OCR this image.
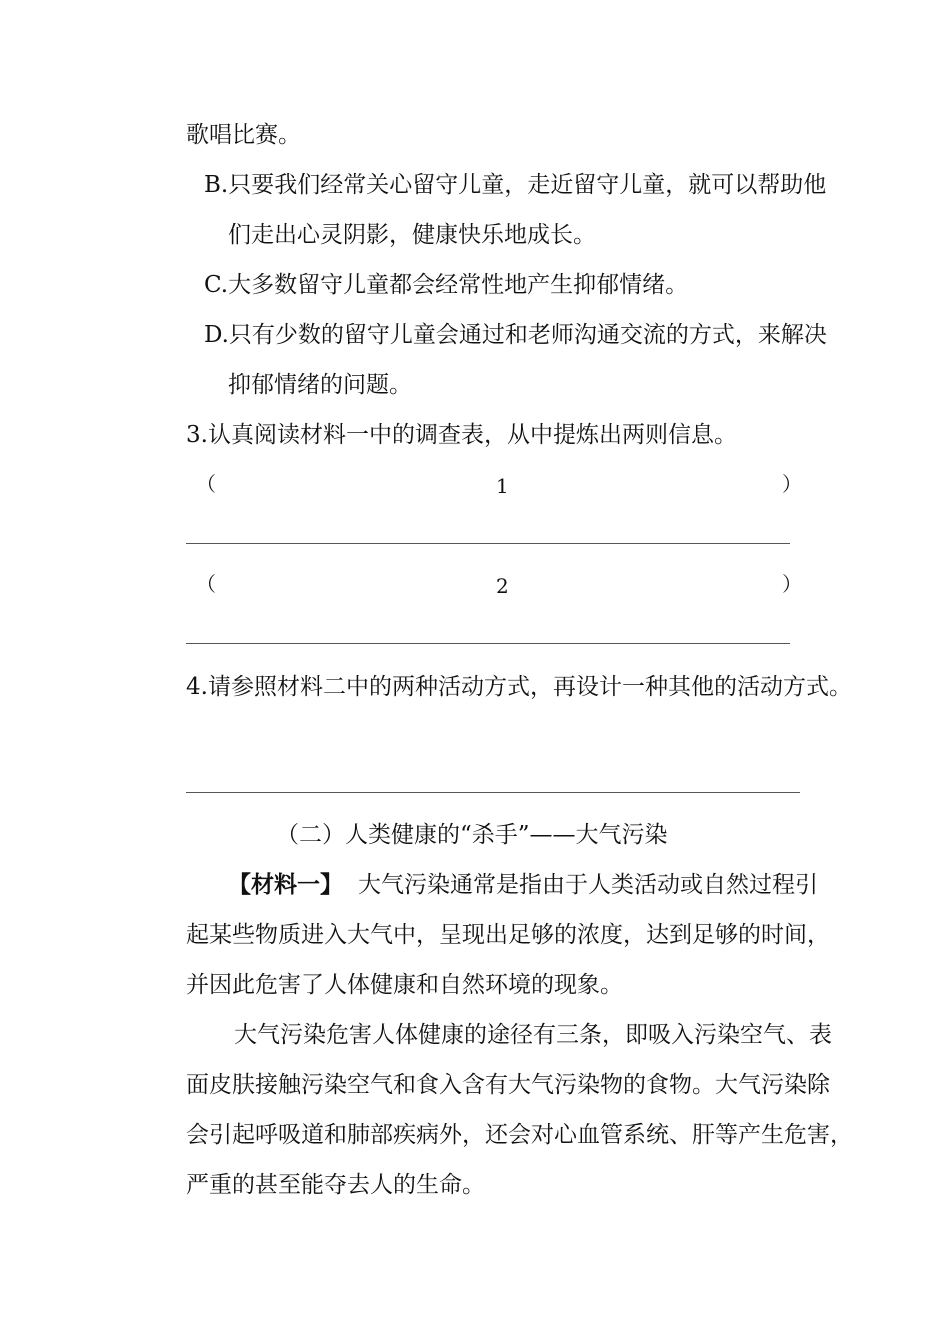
歌唱比赛。
B.只要我们经常关心留守儿童，走近留守儿童，就可以帮助他
们走出心灵阴影，健康快乐地成长。
C.大多数留守儿童都会经常性地产生抑郁情绪。
D.只有少数的留守儿童会通过和老师沟通交流的方式，来解决
抑郁情绪的问题。
3.认真阅读材料一中的调查表，从中提炼出两则信息。
（	1	）
（	2	）
4.请参照材料二中的两种活动方式，再设计一种其他的活动方式。
（二）人类健康的“杀手”——大气污染
【材料一】 大气污染通常是指由于人类活动或自然过程引
起某些物质进入大气中，呈现出足够的浓度，达到足够的时间，
并因此危害了人体健康和自然环境的现象。
大气污染危害人体健康的途径有三条，即吸入污染空气、表
面皮肤接触污染空气和食入含有大气污染物的食物。大气污染除
会引起呼吸道和肺部疾病外，还会对心血管系统、肝等产生危害，
严重的甚至能夺去人的生命。
